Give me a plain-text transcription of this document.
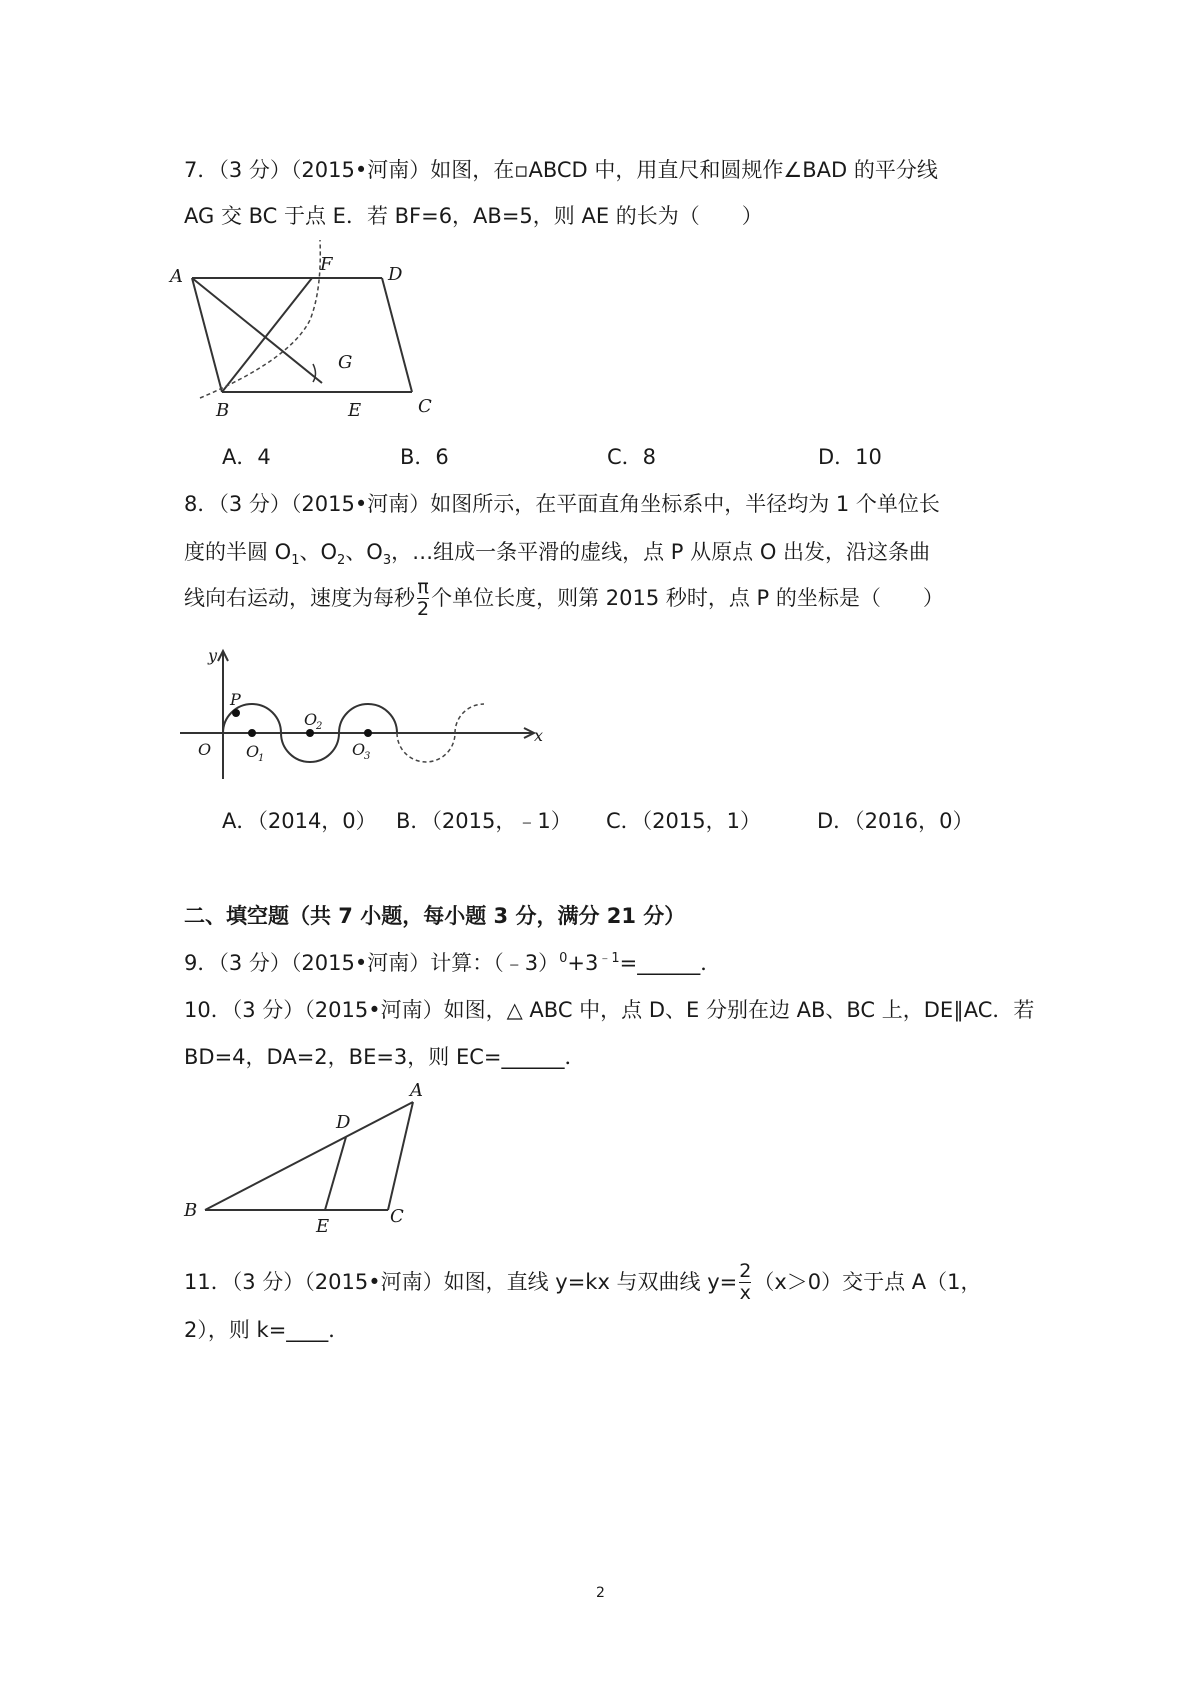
7．（3 分）（2015•河南）如图，在▫ABCD 中，用直尺和圆规作∠BAD 的平分线
AG 交 BC 于点 E．若 BF=6，AB=5，则 AE 的长为（　　）
A
B	C
D
E
F
G
A．4	B．6	C．8	D．10
8．（3 分）（2015•河南）如图所示，在平面直角坐标系中，半径均为 1 个单位长
度的半圆 $O_1$、$O_2$、$O_3$，…组成一条平滑的虚线，点 P 从原点 O 出发，沿这条曲
线向右运动，速度为每秒 $\frac{\pi}{2}$ 个单位长度，则第 2015 秒时，点 P 的坐标是（　　）
y
x
O
P
O
1
O
2
O
3
A．（2014，0） B．（2015，﹣1） C．（2015，1）	D．（2016，0）
二、填空题（共 7 小题，每小题 3 分，满分 21 分）
9．（3 分）（2015•河南）计算：$(﹣3)^0+3^{﹣1}=\_\_\_\_\_\_$．
10．（3 分）（2015•河南）如图，△ ABC 中，点 D、E 分别在边 AB、BC 上，DE∥AC．若
BD=4，DA=2，BE=3，则 EC=______．
B
A
C
D
E
11．（3 分）（2015•河南）如图，直线 y=kx 与双曲线 $y= \frac{2}{x} (x>0)$交于点 A（1，
2），则 k=____．
2
